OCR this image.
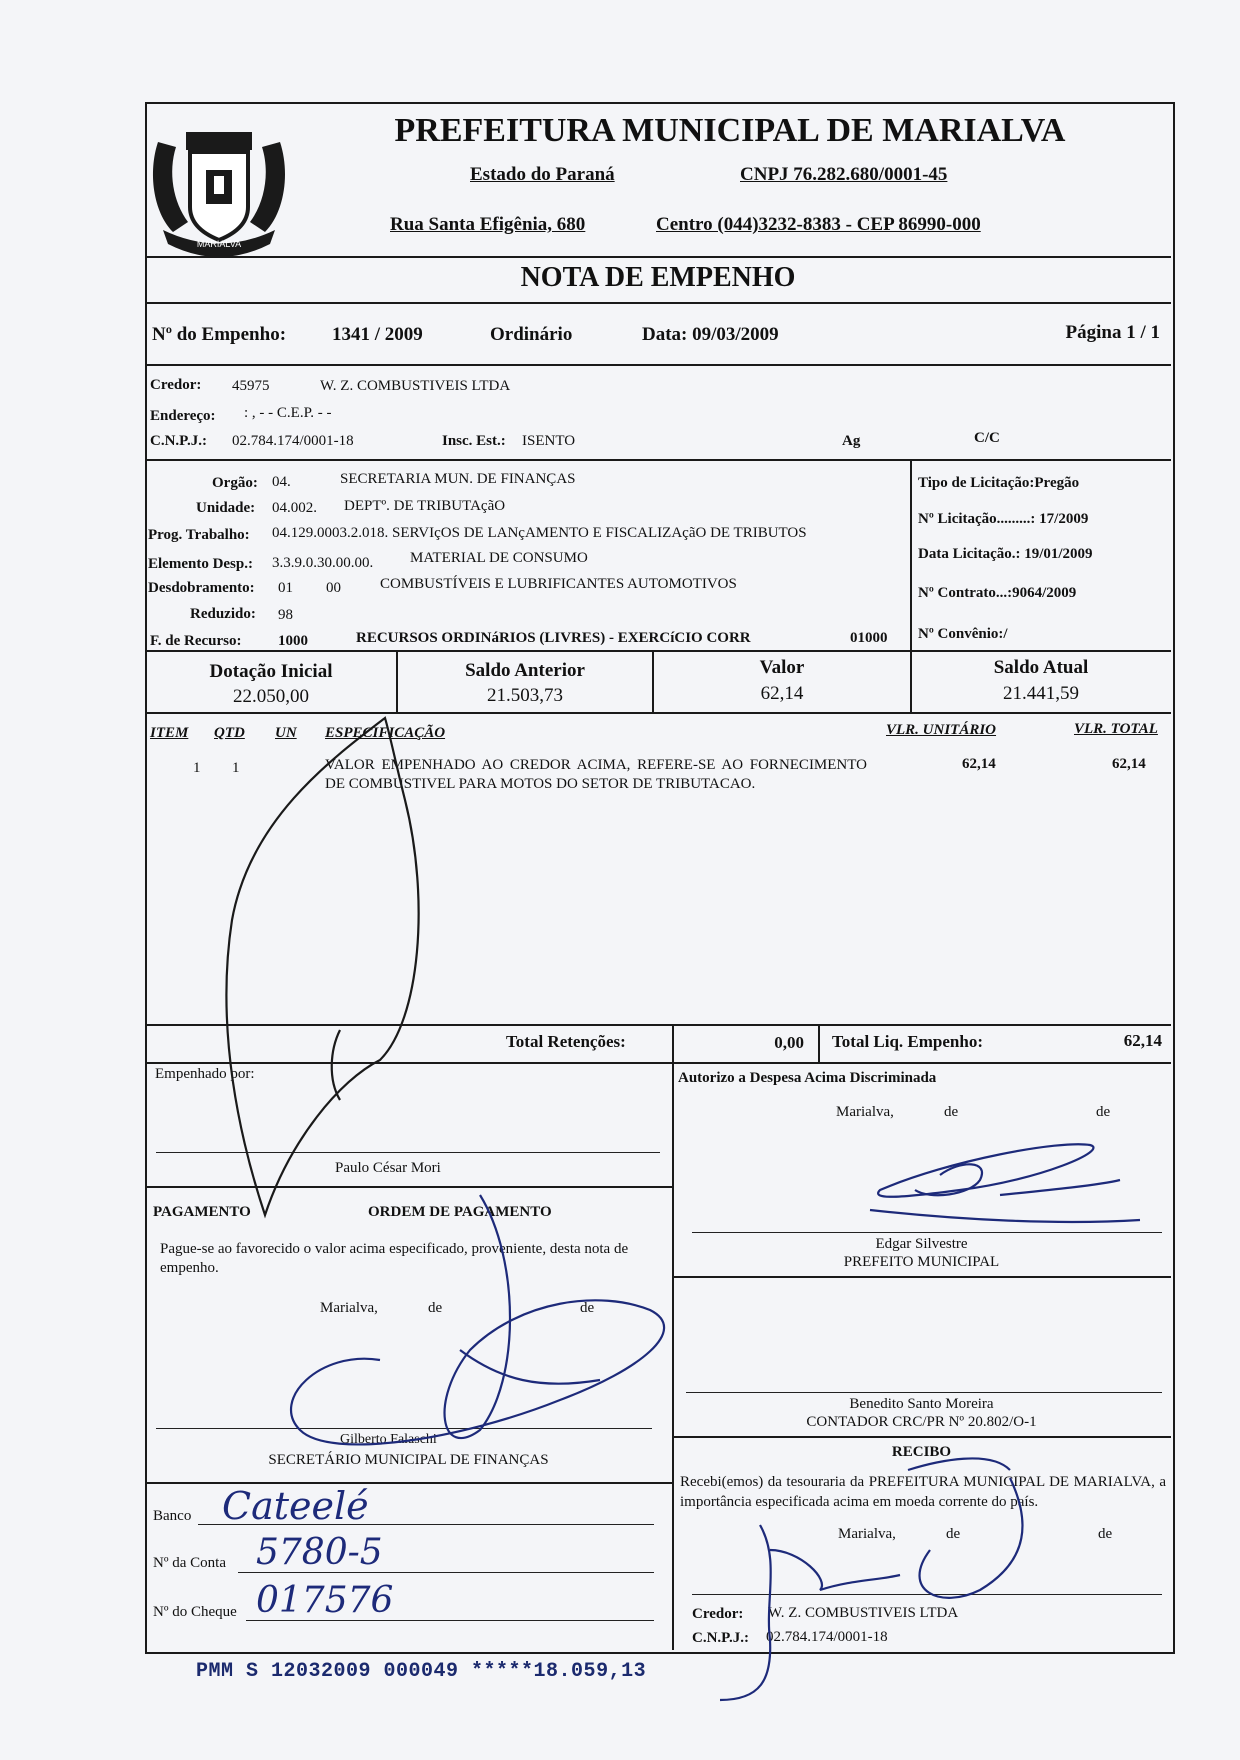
MARIALVA
PREFEITURA MUNICIPAL DE MARIALVA
Estado do Paraná	CNPJ 76.282.680/0001-45
Rua Santa Efigênia, 680	Centro (044)3232-8383 - CEP 86990-000
NOTA DE EMPENHO
Nº do Empenho: 1341 / 2009	Ordinário	Data: 09/03/2009	Página 1 / 1
Credor: 45975	W. Z. COMBUSTIVEIS LTDA
Endereço: : , - - C.E.P. - -
C.N.P.J.: 02.784.174/0001-18	Insc. Est.: ISENTO	Ag	C/C
Orgão: 04.	SECRETARIA MUN. DE FINANÇAS
Unidade: 04.002. DEPTº. DE TRIBUTAçãO
Prog. Trabalho: 04.129.0003.2.018. SERVIçOS DE LANçAMENTO E FISCALIZAçãO DE TRIBUTOS
Elemento Desp.: 3.3.9.0.30.00.00. MATERIAL DE CONSUMO
Desdobramento: 01 00	COMBUSTÍVEIS E LUBRIFICANTES AUTOMOTIVOS
Reduzido: 98
F. de Recurso: 1000	RECURSOS ORDINáRIOS (LIVRES) - EXERCíCIO CORR	01000
Tipo de Licitação:Pregão
Nº Licitação.........: 17/2009
Data Licitação.: 19/01/2009
Nº Contrato...:9064/2009
Nº Convênio:/
Dotação Inicial
22.050,00
Saldo Anterior
21.503,73
Valor
62,14
Saldo Atual
21.441,59
ITEM QTD UN ESPECIFICAÇÃO	VLR. UNITÁRIO	VLR. TOTAL
1 1	VALOR EMPENHADO AO CREDOR ACIMA, REFERE-SE AO FORNECIMENTO DE COMBUSTIVEL PARA MOTOS DO SETOR DE TRIBUTACAO.
62,14	62,14
Total Retenções:	0,00 Total Liq. Empenho:	62,14
Empenhado por:
Paulo César Mori
Autorizo a Despesa Acima Discriminada
Marialva,	de	de
Edgar Silvestre
PREFEITO MUNICIPAL
PAGAMENTO	ORDEM DE PAGAMENTO
Pague-se ao favorecido o valor acima especificado, proveniente, desta nota de empenho.
Marialva,	de	de
Gilberto Falaschi
SECRETÁRIO MUNICIPAL DE FINANÇAS
Benedito Santo Moreira
CONTADOR CRC/PR Nº 20.802/O-1
Banco Cateelé
Nº da Conta 5780-5
Nº do Cheque 017576
RECIBO
Recebi(emos) da tesouraria da PREFEITURA MUNICIPAL DE MARIALVA, a importância especificada acima em moeda corrente do país.
Marialva,	de	de
Credor: W. Z. COMBUSTIVEIS LTDA
C.N.P.J.: 02.784.174/0001-18
PMM S 12032009 000049 *****18.059,13
